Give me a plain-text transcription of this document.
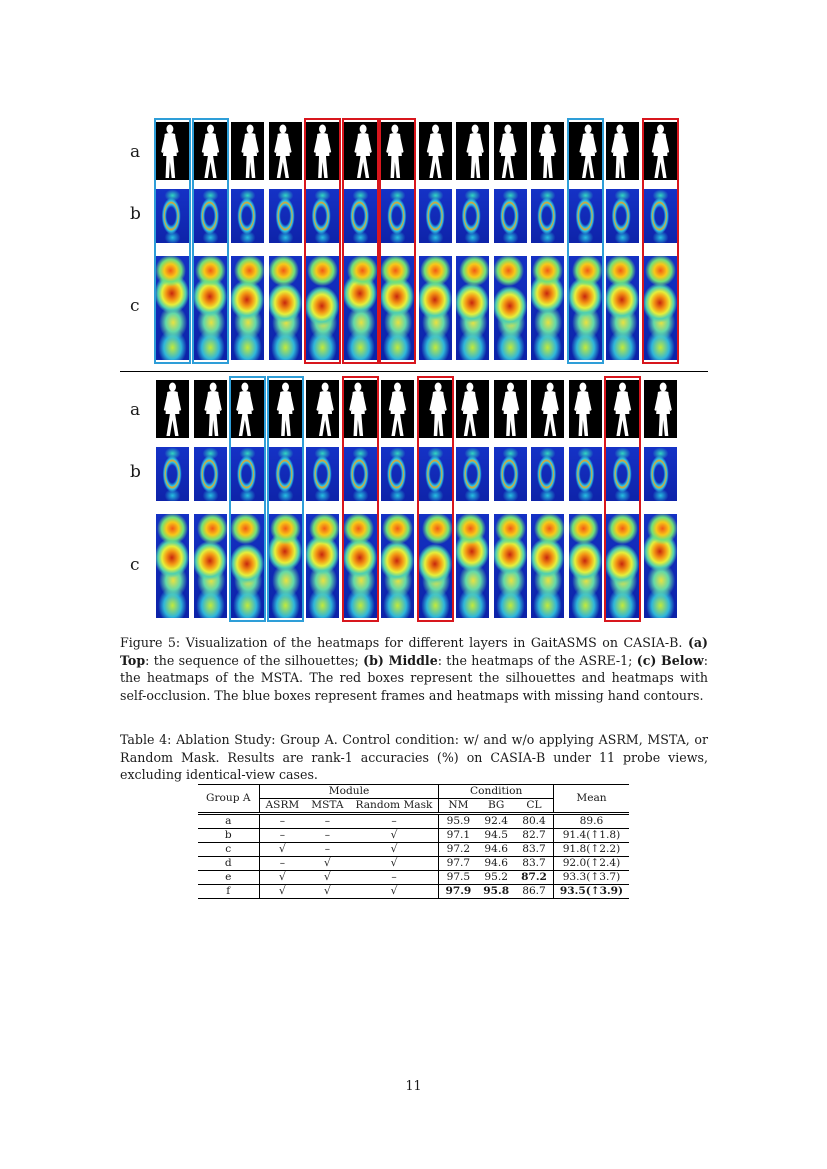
a
b
c
a
b
c
Figure 5: Visualization of the heatmaps for different layers in GaitASMS on CASIA-B. (a) Top: the sequence of the silhouettes; (b) Middle: the heatmaps of the ASRE-1; (c) Below: the heatmaps of the MSTA. The red boxes represent the silhouettes and heatmaps with self-occlusion. The blue boxes represent frames and heatmaps with missing hand contours.
Table 4: Ablation Study: Group A. Control condition: w/ and w/o applying ASRM, MSTA, or Random Mask. Results are rank-1 accuracies (%) on CASIA-B under 11 probe views, excluding identical-view cases.
Group A	Module			Condition			Mean
	ASRM	MSTA	Random Mask	NM	BG	CL	
a	–	–	–	95.9	92.4	80.4	89.6
b	–	–	√	97.1	94.5	82.7	91.4(↑1.8)
c	√	–	√	97.2	94.6	83.7	91.8(↑2.2)
d	–	√	√	97.7	94.6	83.7	92.0(↑2.4)
e	√	√	–	97.5	95.2	87.2	93.3(↑3.7)
f	√	√	√	97.9	95.8	86.7	93.5(↑3.9)
11
